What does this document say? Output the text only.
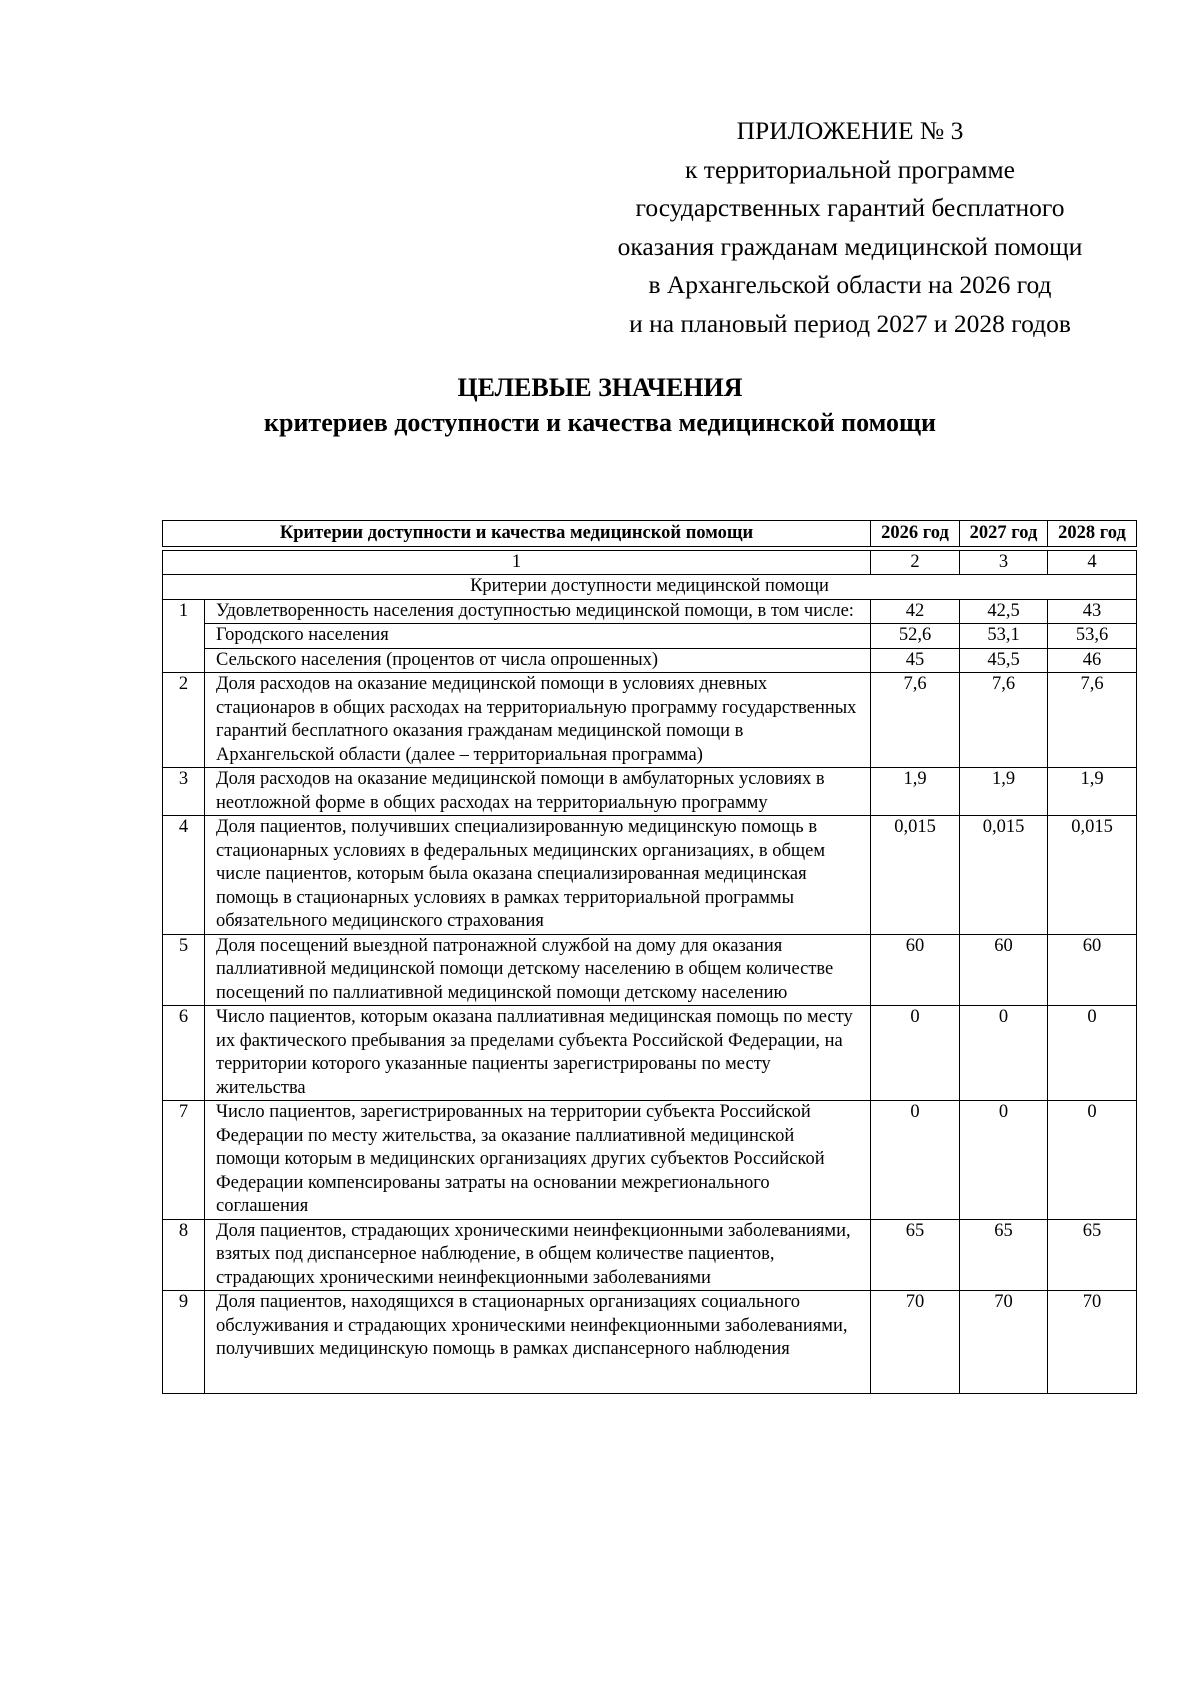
ПРИЛОЖЕНИЕ № 3
к территориальной программе
государственных гарантий бесплатного
оказания гражданам медицинской помощи
в Архангельской области на 2026 год
и на плановый период 2027 и 2028 годов
ЦЕЛЕВЫЕ ЗНАЧЕНИЯ
критериев доступности и качества медицинской помощи
Критерии доступности и качества медицинской помощи		2026 год	2027 год	2028 год

1		2	3	4
Критерии доступности медицинской помощи				
1	Удовлетворенность населения доступностью медицинской помощи, в том числе:	42	42,5	43
	Городского населения	52,6	53,1	53,6
	Сельского населения (процентов от числа опрошенных)	45	45,5	46
2	Доля расходов на оказание медицинской помощи в условиях дневных стационаров в общих расходах на территориальную программу государственных гарантий бесплатного оказания гражданам медицинской помощи в Архангельской области (далее – территориальная программа)	7,6	7,6	7,6
3	Доля расходов на оказание медицинской помощи в амбулаторных условиях в неотложной форме в общих расходах на территориальную программу	1,9	1,9	1,9
4	Доля пациентов, получивших специализированную медицинскую помощь в стационарных условиях в федеральных медицинских организациях, в общем числе пациентов, которым была оказана специализированная медицинская помощь в стационарных условиях в рамках территориальной программы обязательного медицинского страхования	0,015	0,015	0,015
5	Доля посещений выездной патронажной службой на дому для оказания паллиативной медицинской помощи детскому населению в общем количестве посещений по паллиативной медицинской помощи детскому населению	60	60	60
6	Число пациентов, которым оказана паллиативная медицинская помощь по месту их фактического пребывания за пределами субъекта Российской Федерации, на территории которого указанные пациенты зарегистрированы по месту жительства	0	0	0
7	Число пациентов, зарегистрированных на территории субъекта Российской Федерации по месту жительства, за оказание паллиативной медицинской помощи которым в медицинских организациях других субъектов Российской Федерации компенсированы затраты на основании межрегионального соглашения	0	0	0
8	Доля пациентов, страдающих хроническими неинфекционными заболеваниями, взятых под диспансерное наблюдение, в общем количестве пациентов, страдающих хроническими неинфекционными заболеваниями	65	65	65
9	Доля пациентов, находящихся в стационарных организациях социального обслуживания и страдающих хроническими неинфекционными заболеваниями, получивших медицинскую помощь в рамках диспансерного наблюдения	70	70	70
